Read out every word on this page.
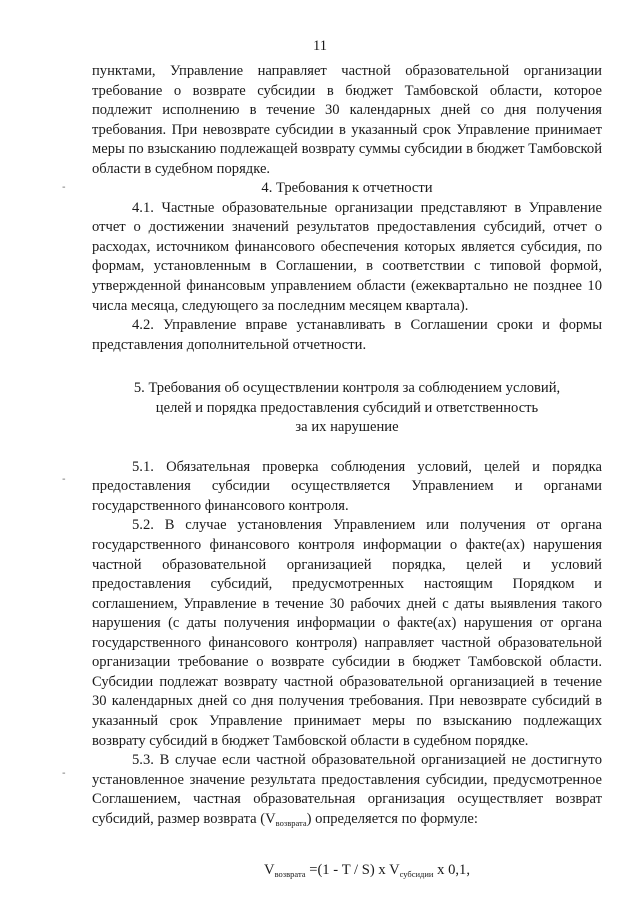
11
-
-
-

пунктами, Управление направляет частной образовательной организации требование о возврате субсидии в бюджет Тамбовской области, которое подлежит исполнению в течение 30 календарных дней со дня получения требования. При невозврате субсидии в указанный срок Управление принимает меры по взысканию подлежащей возврату суммы субсидии в бюджет Тамбовской области в судебном порядке.

4. Требования к отчетности

4.1. Частные образовательные организации представляют в Управление отчет о достижении значений результатов предоставления субсидий, отчет о расходах, источником финансового обеспечения которых является субсидия, по формам, установленным в Соглашении, в соответствии с типовой формой, утвержденной финансовым управлением области (ежеквартально не позднее 10 числа месяца, следующего за последним месяцем квартала).

4.2. Управление вправе устанавливать в Соглашении сроки и формы представления дополнительной отчетности.

5. Требования об осуществлении контроля за соблюдением условий,

целей и порядка предоставления субсидий и ответственность

за их нарушение

5.1. Обязательная проверка соблюдения условий, целей и порядка предоставления субсидии осуществляется Управлением и органами государственного финансового контроля.

5.2. В случае установления Управлением или получения от органа государственного финансового контроля информации о факте(ах) нарушения частной образовательной организацией порядка, целей и условий предоставления субсидий, предусмотренных настоящим Порядком и соглашением, Управление в течение 30 рабочих дней с даты выявления такого нарушения (с даты получения информации о факте(ах) нарушения от органа государственного финансового контроля) направляет частной образовательной организации требование о возврате субсидии в бюджет Тамбовской области. Субсидии подлежат возврату частной образовательной организацией в течение 30 календарных дней со дня получения требования. При невозврате субсидий в указанный срок Управление принимает меры по взысканию подлежащих возврату субсидий в бюджет Тамбовской области в судебном порядке.

5.3. В случае если частной образовательной организацией не достигнуто установленное значение результата предоставления субсидии, предусмотренное Соглашением, частная образовательная организация осуществляет возврат субсидий, размер возврата $(V_{возврата})$ определяется по формуле:

$V_{возврата} =(1 - T / S)$ x $V_{субсидии}$ x 0,1,
